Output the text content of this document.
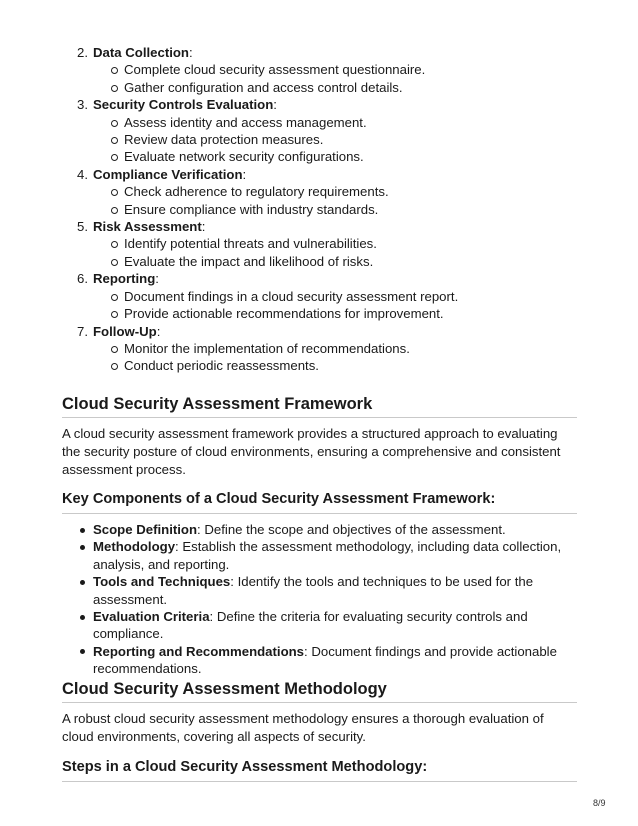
2. Data Collection:
Complete cloud security assessment questionnaire.
Gather configuration and access control details.
3. Security Controls Evaluation:
Assess identity and access management.
Review data protection measures.
Evaluate network security configurations.
4. Compliance Verification:
Check adherence to regulatory requirements.
Ensure compliance with industry standards.
5. Risk Assessment:
Identify potential threats and vulnerabilities.
Evaluate the impact and likelihood of risks.
6. Reporting:
Document findings in a cloud security assessment report.
Provide actionable recommendations for improvement.
7. Follow-Up:
Monitor the implementation of recommendations.
Conduct periodic reassessments.
Cloud Security Assessment Framework

A cloud security assessment framework provides a structured approach to evaluating the security posture of cloud environments, ensuring a comprehensive and consistent assessment process.

Key Components of a Cloud Security Assessment Framework:
Scope Definition: Define the scope and objectives of the assessment.
Methodology: Establish the assessment methodology, including data collection, analysis, and reporting.
Tools and Techniques: Identify the tools and techniques to be used for the assessment.
Evaluation Criteria: Define the criteria for evaluating security controls and compliance.
Reporting and Recommendations: Document findings and provide actionable recommendations.
Cloud Security Assessment Methodology

A robust cloud security assessment methodology ensures a thorough evaluation of cloud environments, covering all aspects of security.

Steps in a Cloud Security Assessment Methodology:
8/9
